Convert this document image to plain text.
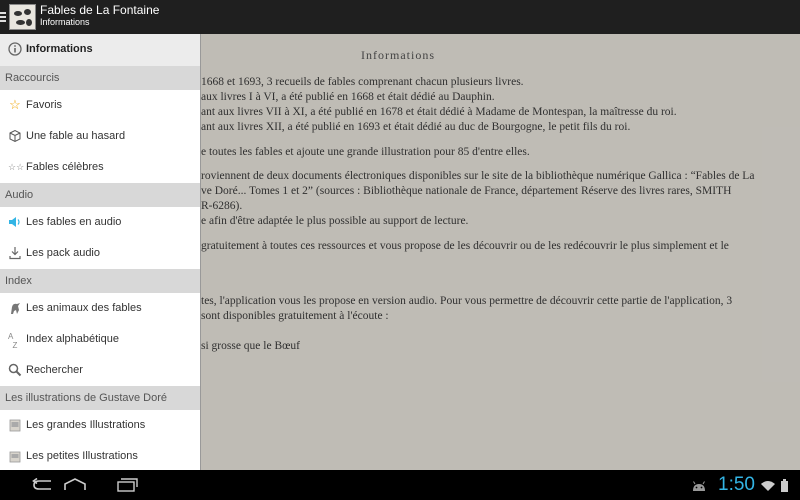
Fables de La Fontaine
Informations
Informations
1668 et 1693, 3 recueils de fables comprenant chacun plusieurs livres.
aux livres I à VI, a été publié en 1668 et était dédié au Dauphin.
ant aux livres VII à XI, a été publié en 1678 et était dédié à Madame de Montespan, la maîtresse du roi.
ant aux livres XII, a été publié en 1693 et était dédié au duc de Bourgogne, le petit fils du roi.
e toutes les fables et ajoute une grande illustration pour 85 d'entre elles.
roviennent de deux documents électroniques disponibles sur le site de la bibliothèque numérique Gallica : “Fables de La
ve Doré... Tomes 1 et 2” (sources : Bibliothèque nationale de France, département Réserve des livres rares, SMITH
R-6286).
e afin d'être adaptée le plus possible au support de lecture.
gratuitement à toutes ces ressources et vous propose de les découvrir ou de les redécouvrir le plus simplement et le
tes, l'application vous les propose en version audio. Pour vous permettre de découvrir cette partie de l'application, 3
sont disponibles gratuitement à l'écoute :
si grosse que le Bœuf
Informations
Raccourcis
☆ Favoris
Une fable au hasard
☆☆ Fables célèbres
Audio
Les fables en audio
Les pack audio
Index
Les animaux des fables
A
Z
Index alphabétique
Rechercher
Les illustrations de Gustave Doré
Les grandes Illustrations
Les petites Illustrations
1:50
